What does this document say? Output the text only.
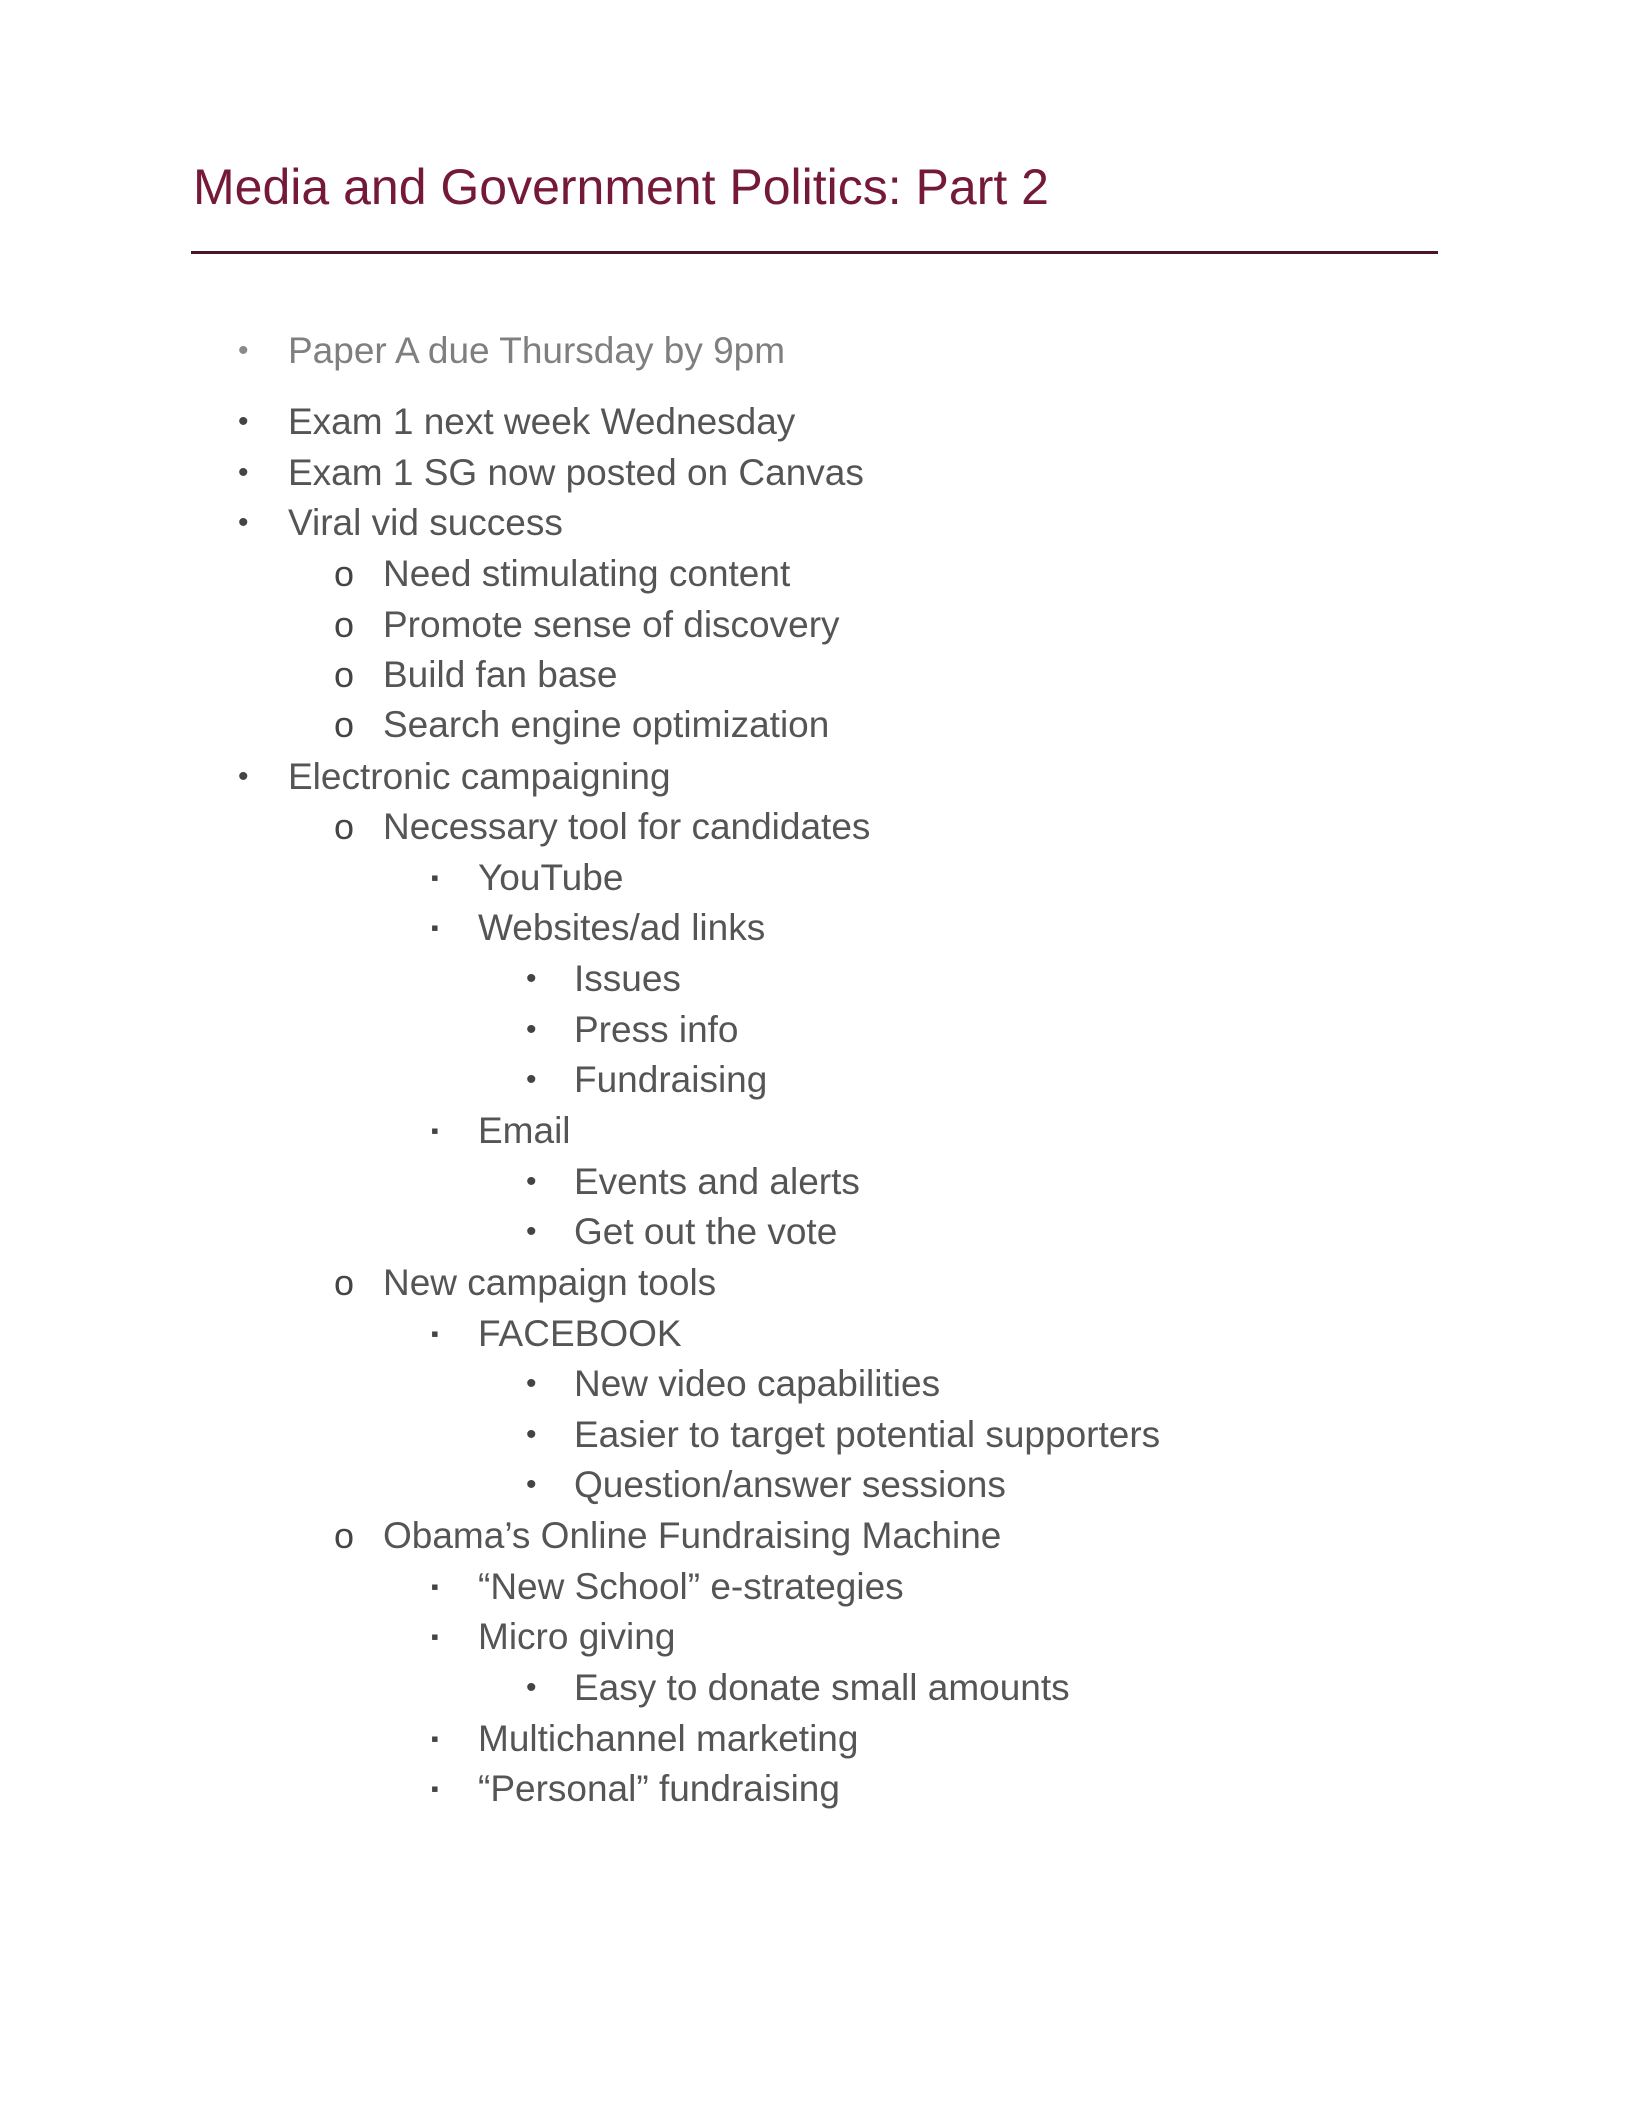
Media and Government Politics: Part 2
• Paper A due Thursday by 9pm
• Exam 1 next week Wednesday
• Exam 1 SG now posted on Canvas
• Viral vid success
o Need stimulating content
o Promote sense of discovery
o Build fan base
o Search engine optimization
• Electronic campaigning
o Necessary tool for candidates
▪ YouTube
▪ Websites/ad links
• Issues
• Press info
• Fundraising
▪ Email
• Events and alerts
• Get out the vote
o New campaign tools
▪ FACEBOOK
• New video capabilities
• Easier to target potential supporters
• Question/answer sessions
o Obama’s Online Fundraising Machine
▪ “New School” e-strategies
▪ Micro giving
• Easy to donate small amounts
▪ Multichannel marketing
▪ “Personal” fundraising
